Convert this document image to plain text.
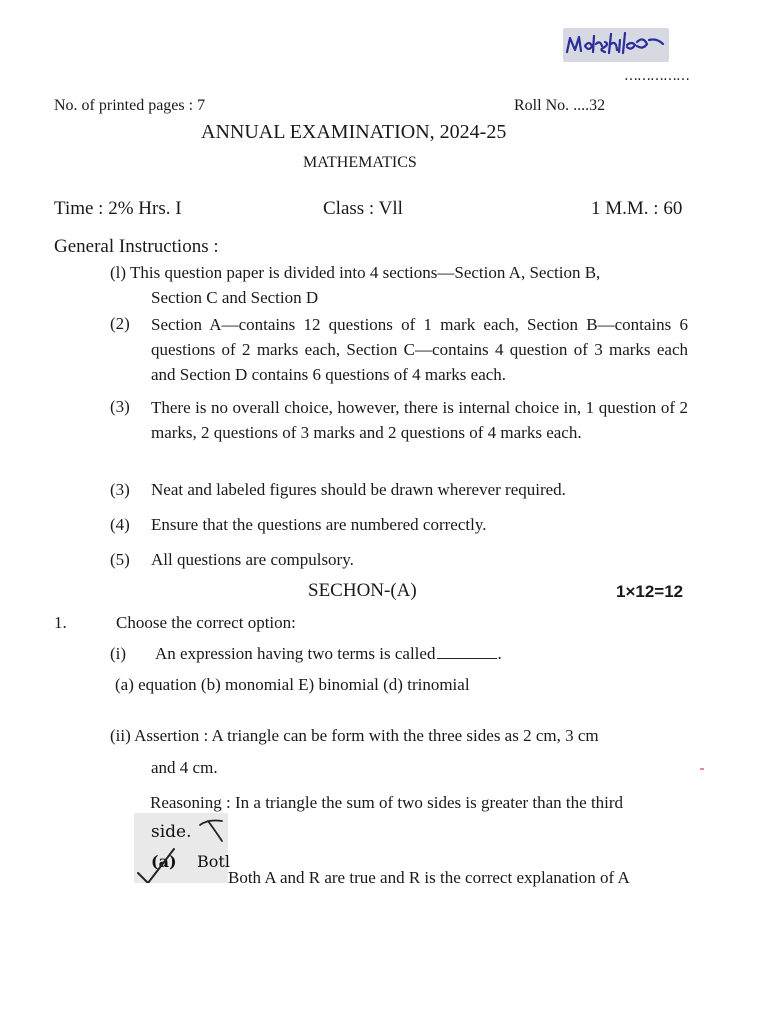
……………
No. of printed pages : 7	Roll No. ....32
ANNUAL EXAMINATION, 2024-25
MATHEMATICS
Time : 2% Hrs. I	Class : Vll	1 M.M. : 60
General Instructions :
(l) This question paper is divided into 4 sections—Section A, Section B,
Section C and Section D
(2) Section A—contains 12 questions of 1 mark each, Section B—contains 6 questions of 2 marks each, Section C—contains 4 question of 3 marks each and Section D contains 6 questions of 4 marks each.
(3) There is no overall choice, however, there is internal choice in, 1 question of 2 marks, 2 questions of 3 marks and 2 questions of 4 marks each.
(3) Neat and labeled figures should be drawn wherever required.
(4) Ensure that the questions are numbered correctly.
(5) All questions are compulsory.
SECHON-(A)	1×12=12
1.	Choose the correct option:
(i) An expression having two terms is called	.
(a) equation (b) monomial E) binomial (d) trinomial
(ii) Assertion : A triangle can be form with the three sides as 2 cm, 3 cm
and 4 cm.
Reasoning : In a triangle the sum of two sides is greater than the third
side.
(a) Botl
Both A and R are true and R is the correct explanation of A
